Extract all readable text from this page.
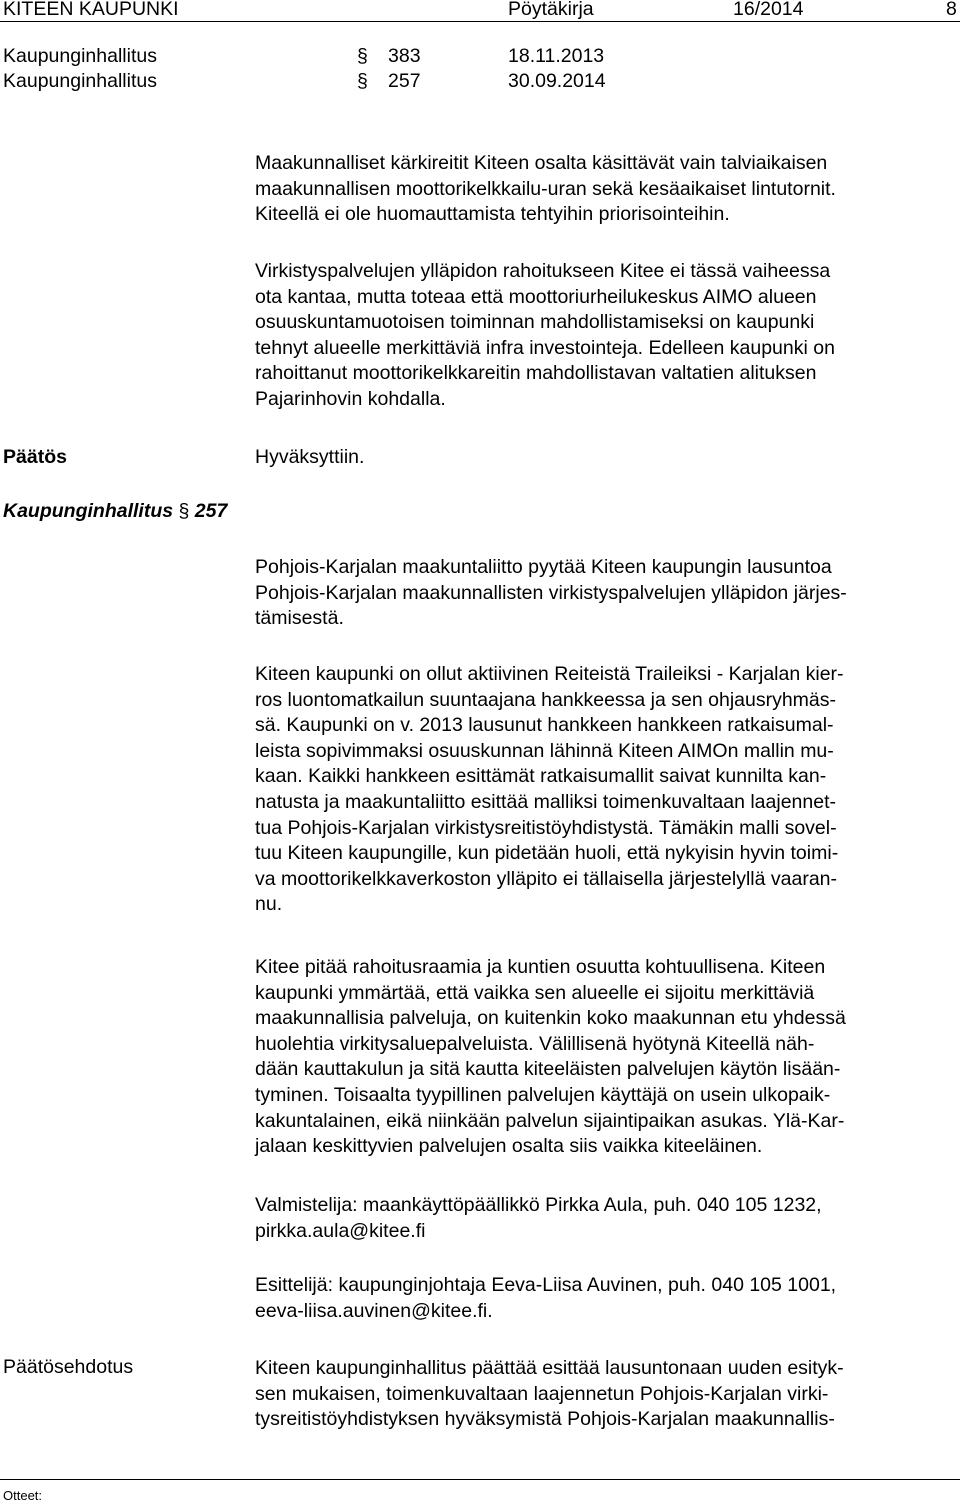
KITEEN KAUPUNKI	Pöytäkirja	16/2014	8
Kaupunginhallitus	§ 383	18.11.2013
Kaupunginhallitus	§ 257	30.09.2014
Maakunnalliset kärkireitit Kiteen osalta käsittävät vain talviaikaisen
maakunnallisen moottorikelkkailu-uran sekä kesäaikaiset lintutornit.
Kiteellä ei ole huomauttamista tehtyihin priorisointeihin.
Virkistyspalvelujen ylläpidon rahoitukseen Kitee ei tässä vaiheessa
ota kantaa, mutta toteaa että moottoriurheilukeskus AIMO alueen
osuuskuntamuotoisen toiminnan mahdollistamiseksi on kaupunki
tehnyt alueelle merkittäviä infra investointeja. Edelleen kaupunki on
rahoittanut moottorikelkkareitin mahdollistavan valtatien alituksen
Pajarinhovin kohdalla.
Päätös	Hyväksyttiin.
Kaupunginhallitus § 257
Pohjois-Karjalan maakuntaliitto pyytää Kiteen kaupungin lausuntoa
Pohjois-Karjalan maakunnallisten virkistyspalvelujen ylläpidon järjes-
tämisestä.
Kiteen kaupunki on ollut aktiivinen Reiteistä Traileiksi - Karjalan kier-
ros luontomatkailun suuntaajana hankkeessa ja sen ohjausryhmäs-
sä. Kaupunki on v. 2013 lausunut hankkeen hankkeen ratkaisumal-
leista sopivimmaksi osuuskunnan lähinnä Kiteen AIMOn mallin mu-
kaan. Kaikki hankkeen esittämät ratkaisumallit saivat kunnilta kan-
natusta ja maakuntaliitto esittää malliksi toimenkuvaltaan laajennet-
tua Pohjois-Karjalan virkistysreitistöyhdistystä. Tämäkin malli sovel-
tuu Kiteen kaupungille, kun pidetään huoli, että nykyisin hyvin toimi-
va moottorikelkkaverkoston ylläpito ei tällaisella järjestelyllä vaaran-
nu.
Kitee pitää rahoitusraamia ja kuntien osuutta kohtuullisena. Kiteen
kaupunki ymmärtää, että vaikka sen alueelle ei sijoitu merkittäviä
maakunnallisia palveluja, on kuitenkin koko maakunnan etu yhdessä
huolehtia virkitysaluepalveluista. Välillisenä hyötynä Kiteellä näh-
dään kauttakulun ja sitä kautta kiteeläisten palvelujen käytön lisään-
tyminen. Toisaalta tyypillinen palvelujen käyttäjä on usein ulkopaik-
kakuntalainen, eikä niinkään palvelun sijaintipaikan asukas. Ylä-Kar-
jalaan keskittyvien palvelujen osalta siis vaikka kiteeläinen.
Valmistelija: maankäyttöpäällikkö Pirkka Aula, puh. 040 105 1232,
pirkka.aula@kitee.fi
Esittelijä: kaupunginjohtaja Eeva-Liisa Auvinen, puh. 040 105 1001,
eeva-liisa.auvinen@kitee.fi.
Päätösehdotus	Kiteen kaupunginhallitus päättää esittää lausuntonaan uuden esityk-
sen mukaisen, toimenkuvaltaan laajennetun Pohjois-Karjalan virki-
tysreitistöyhdistyksen hyväksymistä Pohjois-Karjalan maakunnallis-
Otteet:
